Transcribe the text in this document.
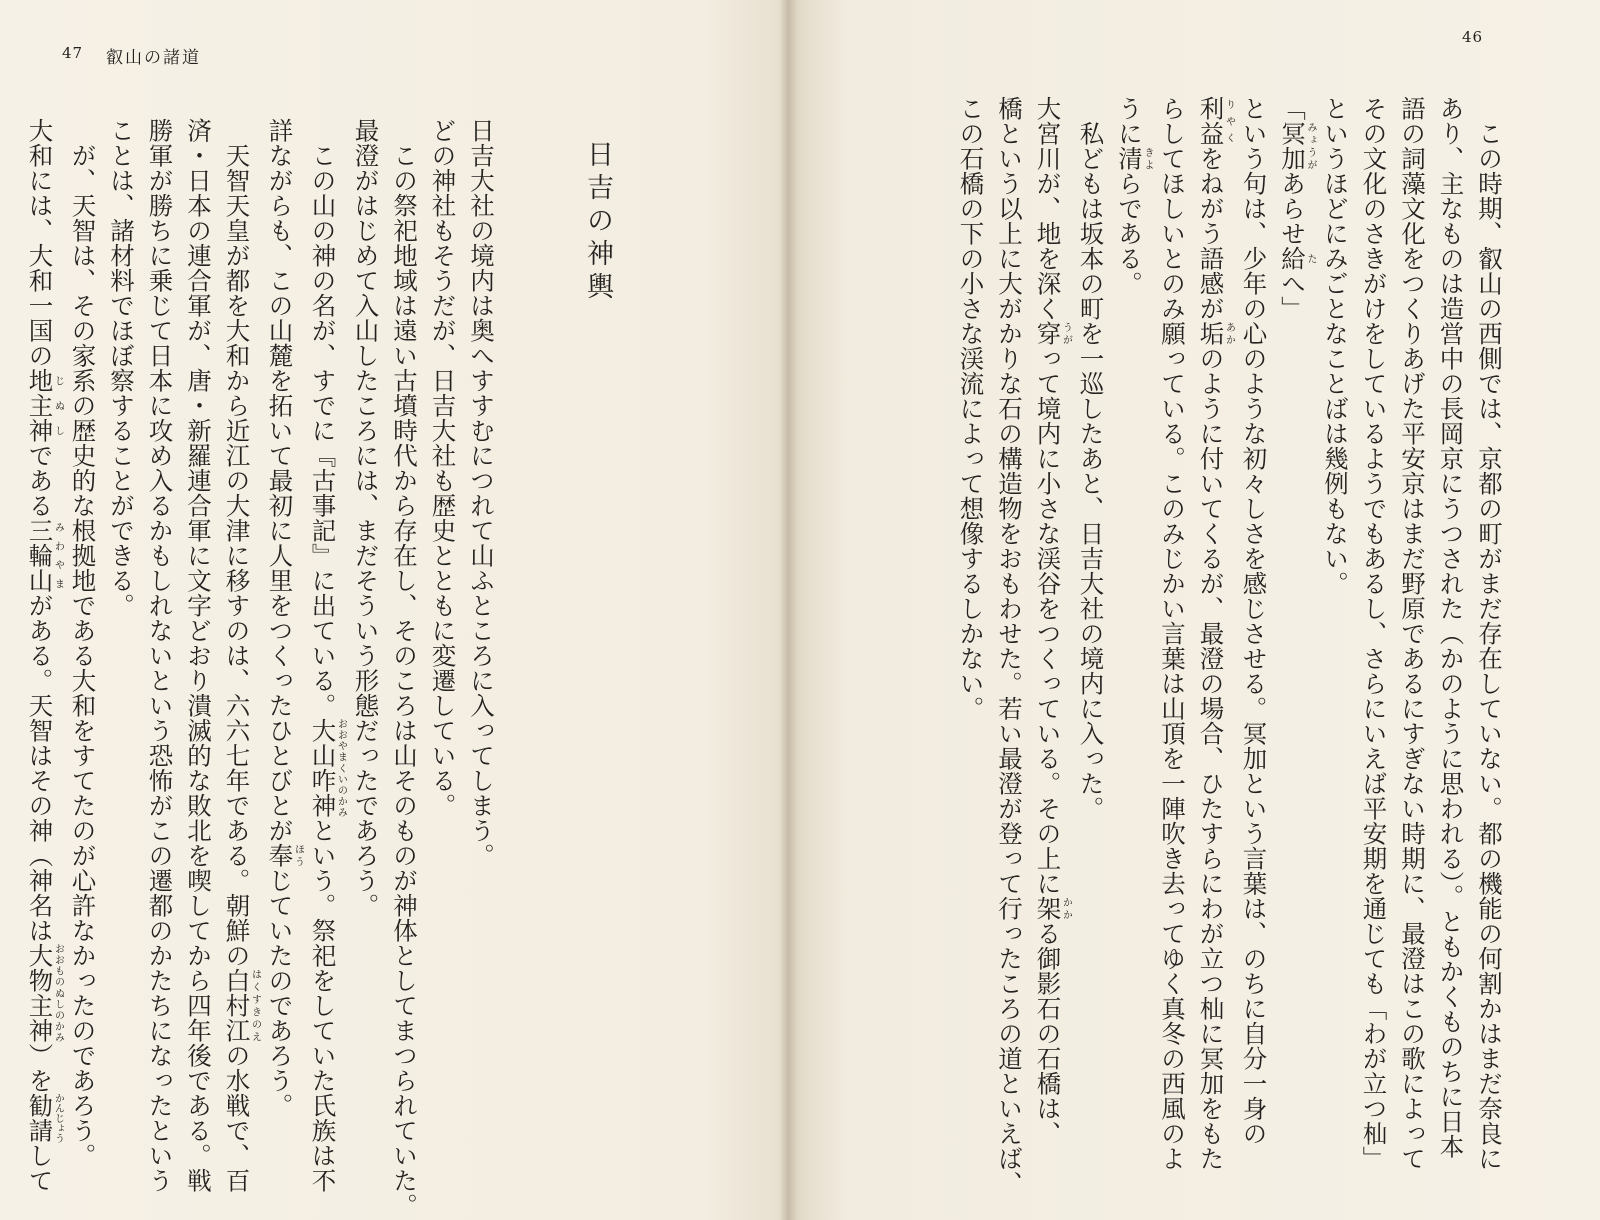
47 叡山の諸道
日吉の神輿

日吉大社の境内は奥へすすむにつれて山ふところに入ってしまう。

どの神社もそうだが、日吉大社も歴史とともに変遷している。

　この祭祀地域は遠い古墳時代から存在し、そのころは山そのものが神体としてまつられていた。

最澄がはじめて入山したころには、まだそういう形態だったであろう。

　この山の神の名が、すでに『古事記』に出ている。大山咋神おおやまくいのかみという。祭祀をしていた氏族は不

詳ながらも、この山麓を拓いて最初に人里をつくったひとびとが奉ほうじていたのであろう。

　天智天皇が都を大和から近江の大津に移すのは、六六七年である。朝鮮の白村江はくすきのえの水戦で、百

済・日本の連合軍が、唐・新羅連合軍に文字どおり潰滅的な敗北を喫してから四年後である。戦

勝軍が勝ちに乗じて日本に攻め入るかもしれないという恐怖がこの遷都のかたちになったという

ことは、諸材料でほぼ察することができる。

　が、天智は、その家系の歴史的な根拠地である大和をすてたのが心許なかったのであろう。

大和には、大和一国の地主神じぬしである三輪山みわやまがある。天智はその神（神名は大物主神おおものぬしのかみ）を勧請かんじょうして

46

　この時期、叡山の西側では、京都の町がまだ存在していない。都の機能の何割かはまだ奈良に

あり、主なものは造営中の長岡京にうつされた（かのように思われる）。ともかくものちに日本

語の詞藻文化をつくりあげた平安京はまだ野原であるにすぎない時期に、最澄はこの歌によって

その文化のさきがけをしているようでもあるし、さらにいえば平安期を通じても「わが立つ杣」

というほどにみごとなことばは幾例もない。

「冥加みょうがあらせ給たへ」

という句は、少年の心のような初々しさを感じさせる。冥加という言葉は、のちに自分一身の

利益りやくをねがう語感が垢あかのように付いてくるが、最澄の場合、ひたすらにわが立つ杣に冥加をもた

らしてほしいとのみ願っている。このみじかい言葉は山頂を一陣吹き去ってゆく真冬の西風のよ

うに清きよらである。

　私どもは坂本の町を一巡したあと、日吉大社の境内に入った。

大宮川が、地を深く穿うがって境内に小さな渓谷をつくっている。その上に架かかる御影石の石橋は、

橋という以上に大がかりな石の構造物をおもわせた。若い最澄が登って行ったころの道といえば、

この石橋の下の小さな渓流によって想像するしかない。
